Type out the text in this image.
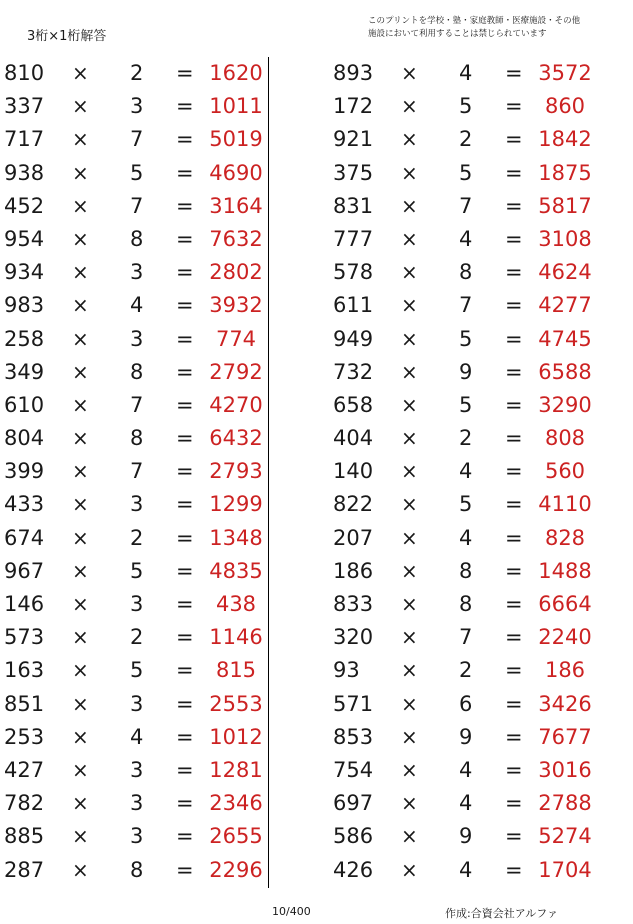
3桁×1桁解答
このプリントを学校・塾・家庭教師・医療施設・その他
施設において利用することは禁じられています
810 × 2 = 1620
337 × 3 = 1011
717 × 7 = 5019
938 × 5 = 4690
452 × 7 = 3164
954 × 8 = 7632
934 × 3 = 2802
983 × 4 = 3932
258 × 3 =	774
349 × 8 = 2792
610 × 7 = 4270
804 × 8 = 6432
399 × 7 = 2793
433 × 3 = 1299
674 × 2 = 1348
967 × 5 = 4835
146 × 3 =	438
573 × 2 = 1146
163 × 5 =	815
851 × 3 = 2553
253 × 4 = 1012
427 × 3 = 1281
782 × 3 = 2346
885 × 3 = 2655
287 × 8 = 2296
893 × 4 = 3572
172 × 5 =	860
921 × 2 = 1842
375 × 5 = 1875
831 × 7 = 5817
777 × 4 = 3108
578 × 8 = 4624
611 × 7 = 4277
949 × 5 = 4745
732 × 9 = 6588
658 × 5 = 3290
404 × 2 =	808
140 × 4 =	560
822 × 5 = 4110
207 × 4 =	828
186 × 8 = 1488
833 × 8 = 6664
320 × 7 = 2240
93 × 2 =	186
571 × 6 = 3426
853 × 9 = 7677
754 × 4 = 3016
697 × 4 = 2788
586 × 9 = 5274
426 × 4 = 1704
10/400	作成:合資会社アルファ
